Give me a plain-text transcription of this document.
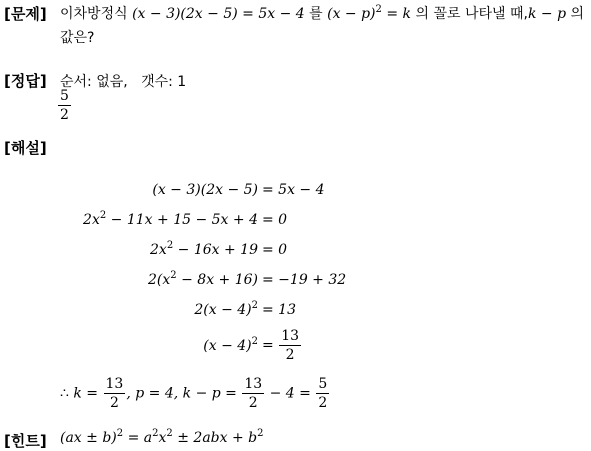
[문제] 이차방정식 (x − 3)(2x − 5) = 5x − 4 를 $(x - p)^2 = k$ 의 꼴로 나타낼 때,k − p 의
값은?
[정답] 순서: 없음, 갯수: 1
$\frac{5}{2}$
[해설]
(x − 3)(2x − 5) = 5x − 4
$2x^2 - 11x + 15 - 5x + 4 = 0$
$2x^2 - 16x + 19 = 0$
$2(x^2 - 8x + 16) = -19 + 32$
$2(x - 4)^2 = 13$
$(x - 4)^2 = \frac{13}{2}$
∴ $k = \frac{13}{2}$ , p = 4, $k - p = \frac{13}{2} - 4 = \frac{5}{2}$
[힌트] $(ax \pm b)^2 = a^2x^2 \pm 2abx + b^2$
